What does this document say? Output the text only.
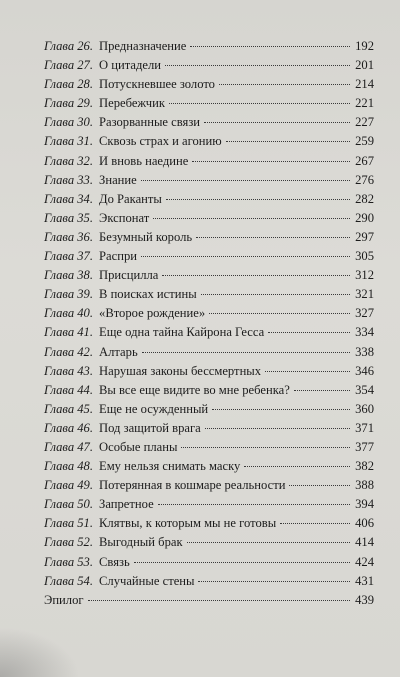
Глава 26. Предназначение	192
Глава 27. О цитадели	201
Глава 28. Потускневшее золото	214
Глава 29. Перебежчик	221
Глава 30. Разорванные связи	227
Глава 31. Сквозь страх и агонию	259
Глава 32. И вновь наедине	267
Глава 33. Знание	276
Глава 34. До Раканты	282
Глава 35. Экспонат	290
Глава 36. Безумный король	297
Глава 37. Распри	305
Глава 38. Присцилла	312
Глава 39. В поисках истины	321
Глава 40. «Второе рождение»	327
Глава 41. Еще одна тайна Кайрона Гесса	334
Глава 42. Алтарь	338
Глава 43. Нарушая законы бессмертных	346
Глава 44. Вы все еще видите во мне ребенка?	354
Глава 45. Еще не осужденный	360
Глава 46. Под защитой врага	371
Глава 47. Особые планы	377
Глава 48. Ему нельзя снимать маску	382
Глава 49. Потерянная в кошмаре реальности	388
Глава 50. Запретное	394
Глава 51. Клятвы, к которым мы не готовы	406
Глава 52. Выгодный брак	414
Глава 53. Связь	424
Глава 54. Случайные стены	431
Эпилог	439
